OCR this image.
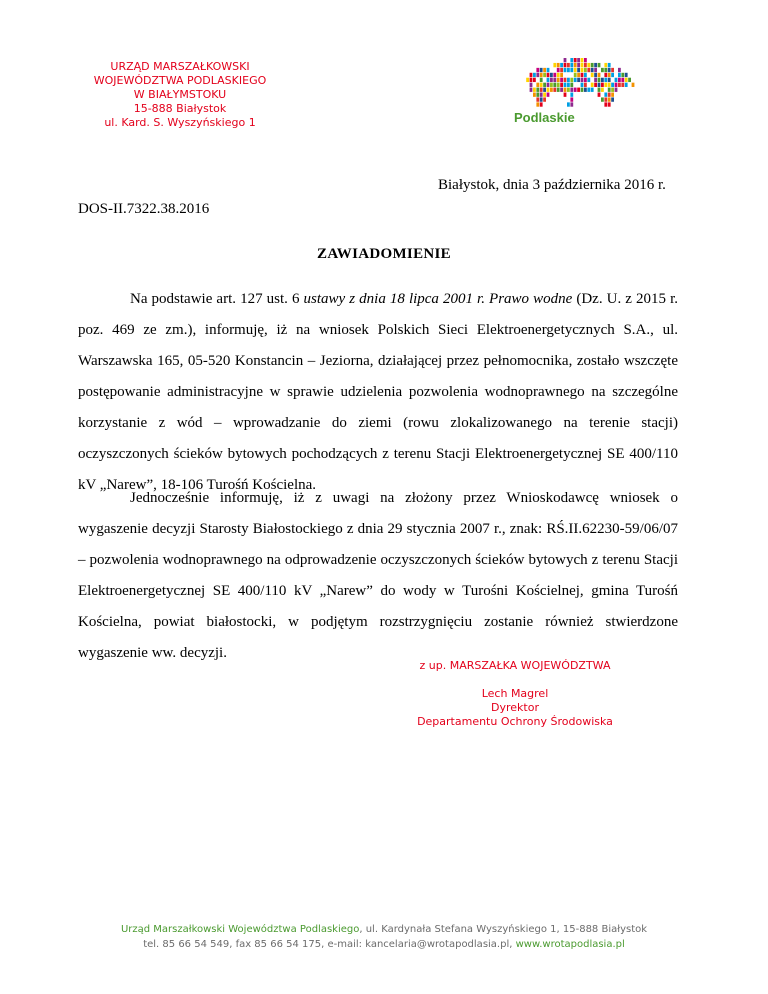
URZĄD MARSZAŁKOWSKI
WOJEWÓDZTWA PODLASKIEGO
W BIAŁYMSTOKU
15-888 Białystok
ul. Kard. S. Wyszyńskiego 1	Podlaskie
Białystok, dnia 3 października 2016 r.
DOS-II.7322.38.2016
ZAWIADOMIENIE

Na podstawie art. 127 ust. 6 ustawy z dnia 18 lipca 2001 r. Prawo wodne (Dz. U. z 2015 r. poz. 469 ze zm.), informuję, iż na wniosek Polskich Sieci Elektroenergetycznych S.A., ul. Warszawska 165, 05-520 Konstancin – Jeziorna, działającej przez pełnomocnika, zostało wszczęte postępowanie administracyjne w sprawie udzielenia pozwolenia wodnoprawnego na szczególne korzystanie z wód – wprowadzanie do ziemi (rowu zlokalizowanego na terenie stacji) oczyszczonych ścieków bytowych pochodzących z terenu Stacji Elektroenergetycznej SE 400/110 kV „Narew”, 18-106 Turośń Kościelna.

Jednocześnie informuję, iż z uwagi na złożony przez Wnioskodawcę wniosek o wygaszenie decyzji Starosty Białostockiego z dnia 29 stycznia 2007 r., znak: RŚ.II.62230-59/06/07 – pozwolenia wodnoprawnego na odprowadzenie oczyszczonych ścieków bytowych z terenu Stacji Elektroenergetycznej SE 400/110 kV „Narew” do wody w Turośni Kościelnej, gmina Turośń Kościelna, powiat białostocki, w podjętym rozstrzygnięciu zostanie również stwierdzone wygaszenie ww. decyzji.

z up. MARSZAŁKA WOJEWÓDZTWA
Lech Magrel
Dyrektor
Departamentu Ochrony Środowiska
Urząd Marszałkowski Województwa Podlaskiego, ul. Kardynała Stefana Wyszyńskiego 1, 15-888 Białystok
tel. 85 66 54 549, fax 85 66 54 175, e-mail: kancelaria@wrotapodlasia.pl, www.wrotapodlasia.pl
